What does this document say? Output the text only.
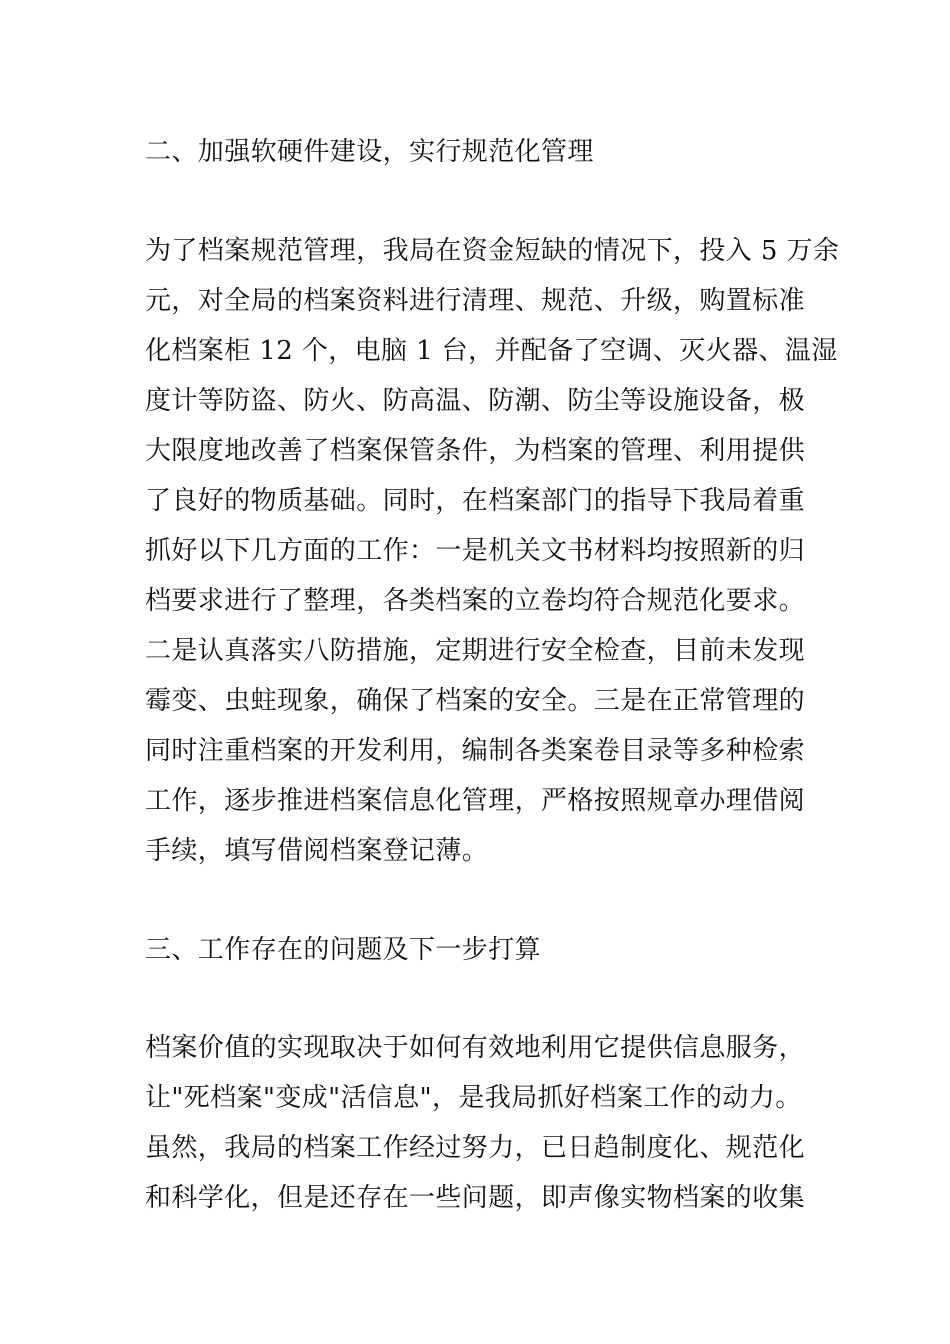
二、加强软硬件建设，实行规范化管理
为了档案规范管理，我局在资金短缺的情况下，投入 5 万余
元，对全局的档案资料进行清理、规范、升级，购置标准
化档案柜 12 个，电脑 1 台，并配备了空调、灭火器、温湿
度计等防盗、防火、防高温、防潮、防尘等设施设备，极
大限度地改善了档案保管条件，为档案的管理、利用提供
了良好的物质基础。同时，在档案部门的指导下我局着重
抓好以下几方面的工作：一是机关文书材料均按照新的归
档要求进行了整理，各类档案的立卷均符合规范化要求。
二是认真落实八防措施，定期进行安全检查，目前未发现
霉变、虫蛀现象，确保了档案的安全。三是在正常管理的
同时注重档案的开发利用，编制各类案卷目录等多种检索
工作，逐步推进档案信息化管理，严格按照规章办理借阅
手续，填写借阅档案登记薄。
三、工作存在的问题及下一步打算
档案价值的实现取决于如何有效地利用它提供信息服务，
让"死档案"变成"活信息"，是我局抓好档案工作的动力。
虽然，我局的档案工作经过努力，已日趋制度化、规范化
和科学化，但是还存在一些问题，即声像实物档案的收集
